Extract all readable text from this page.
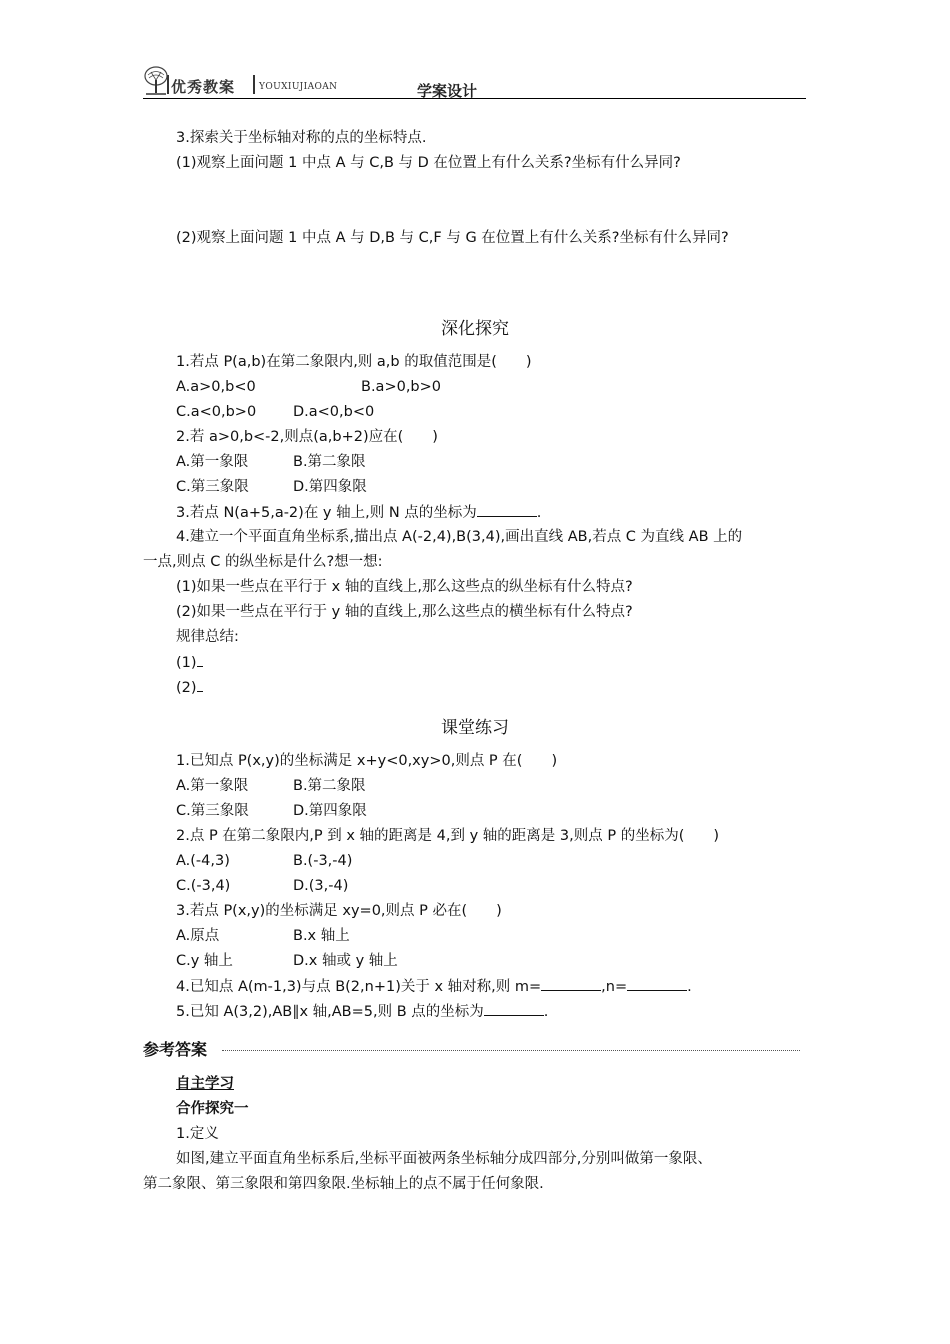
优秀教案	YOUXIUJIAOAN	学案设计
3.探索关于坐标轴对称的点的坐标特点.
(1)观察上面问题 1 中点 A 与 C,B 与 D 在位置上有什么关系?坐标有什么异同?
(2)观察上面问题 1 中点 A 与 D,B 与 C,F 与 G 在位置上有什么关系?坐标有什么异同?
深化探究
1.若点 P(a,b)在第二象限内,则 a,b 的取值范围是(　　)
A.a>0,b<0	B.a>0,b>0
C.a<0,b>0	D.a<0,b<0
2.若 a>0,b<-2,则点(a,b+2)应在(　　)
A.第一象限	B.第二象限
C.第三象限	D.第四象限
3.若点 N(a+5,a-2)在 y 轴上,则 N 点的坐标为	.
4.建立一个平面直角坐标系,描出点 A(-2,4),B(3,4),画出直线 AB,若点 C 为直线 AB 上的
一点,则点 C 的纵坐标是什么?想一想:
(1)如果一些点在平行于 x 轴的直线上,那么这些点的纵坐标有什么特点?
(2)如果一些点在平行于 y 轴的直线上,那么这些点的横坐标有什么特点?
规律总结:
(1)
(2)
课堂练习
1.已知点 P(x,y)的坐标满足 x+y<0,xy>0,则点 P 在(　　)
A.第一象限	B.第二象限
C.第三象限	D.第四象限
2.点 P 在第二象限内,P 到 x 轴的距离是 4,到 y 轴的距离是 3,则点 P 的坐标为(　　)
A.(-4,3)	B.(-3,-4)
C.(-3,4)	D.(3,-4)
3.若点 P(x,y)的坐标满足 xy=0,则点 P 必在(　　)
A.原点	B.x 轴上
C.y 轴上	D.x 轴或 y 轴上
4.已知点 A(m-1,3)与点 B(2,n+1)关于 x 轴对称,则 m=	,n=	.
5.已知 A(3,2),AB∥x 轴,AB=5,则 B 点的坐标为	.
参考答案
自主学习
合作探究一
1.定义
如图,建立平面直角坐标系后,坐标平面被两条坐标轴分成四部分,分别叫做第一象限、
第二象限、第三象限和第四象限.坐标轴上的点不属于任何象限.
